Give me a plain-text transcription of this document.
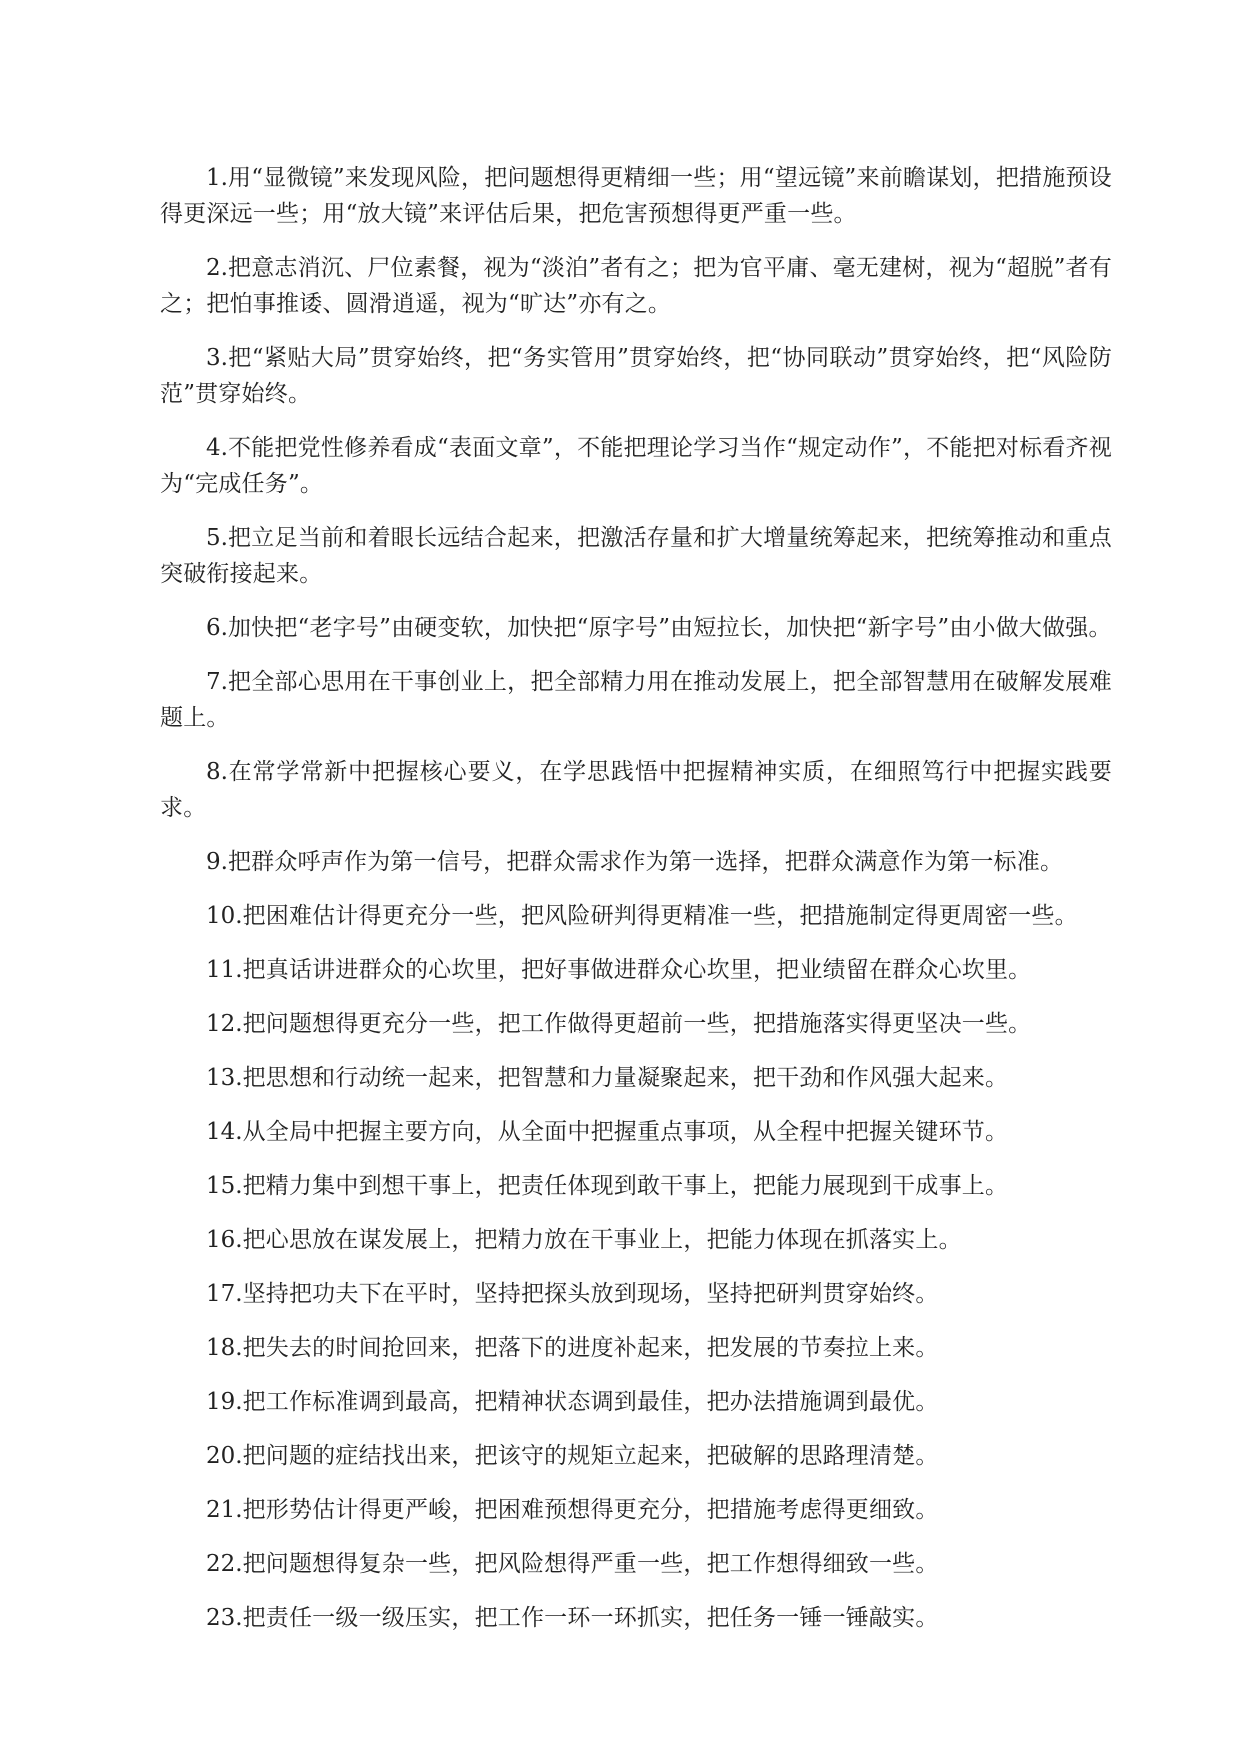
1.用“显微镜”来发现风险，把问题想得更精细一些；用“望远镜”来前瞻谋划，把措施预设得更深远一些；用“放大镜”来评估后果，把危害预想得更严重一些。

2.把意志消沉、尸位素餐，视为“淡泊”者有之；把为官平庸、毫无建树，视为“超脱”者有之；把怕事推诿、圆滑逍遥，视为“旷达”亦有之。

3.把“紧贴大局”贯穿始终，把“务实管用”贯穿始终，把“协同联动”贯穿始终，把“风险防范”贯穿始终。

4.不能把党性修养看成“表面文章”，不能把理论学习当作“规定动作”，不能把对标看齐视为“完成任务”。

5.把立足当前和着眼长远结合起来，把激活存量和扩大增量统筹起来，把统筹推动和重点突破衔接起来。

6.加快把“老字号”由硬变软，加快把“原字号”由短拉长，加快把“新字号”由小做大做强。

7.把全部心思用在干事创业上，把全部精力用在推动发展上，把全部智慧用在破解发展难题上。

8.在常学常新中把握核心要义，在学思践悟中把握精神实质，在细照笃行中把握实践要求。

9.把群众呼声作为第一信号，把群众需求作为第一选择，把群众满意作为第一标准。

10.把困难估计得更充分一些，把风险研判得更精准一些，把措施制定得更周密一些。

11.把真话讲进群众的心坎里，把好事做进群众心坎里，把业绩留在群众心坎里。

12.把问题想得更充分一些，把工作做得更超前一些，把措施落实得更坚决一些。

13.把思想和行动统一起来，把智慧和力量凝聚起来，把干劲和作风强大起来。

14.从全局中把握主要方向，从全面中把握重点事项，从全程中把握关键环节。

15.把精力集中到想干事上，把责任体现到敢干事上，把能力展现到干成事上。

16.把心思放在谋发展上，把精力放在干事业上，把能力体现在抓落实上。

17.坚持把功夫下在平时，坚持把探头放到现场，坚持把研判贯穿始终。

18.把失去的时间抢回来，把落下的进度补起来，把发展的节奏拉上来。

19.把工作标准调到最高，把精神状态调到最佳，把办法措施调到最优。

20.把问题的症结找出来，把该守的规矩立起来，把破解的思路理清楚。

21.把形势估计得更严峻，把困难预想得更充分，把措施考虑得更细致。

22.把问题想得复杂一些，把风险想得严重一些，把工作想得细致一些。

23.把责任一级一级压实，把工作一环一环抓实，把任务一锤一锤敲实。
